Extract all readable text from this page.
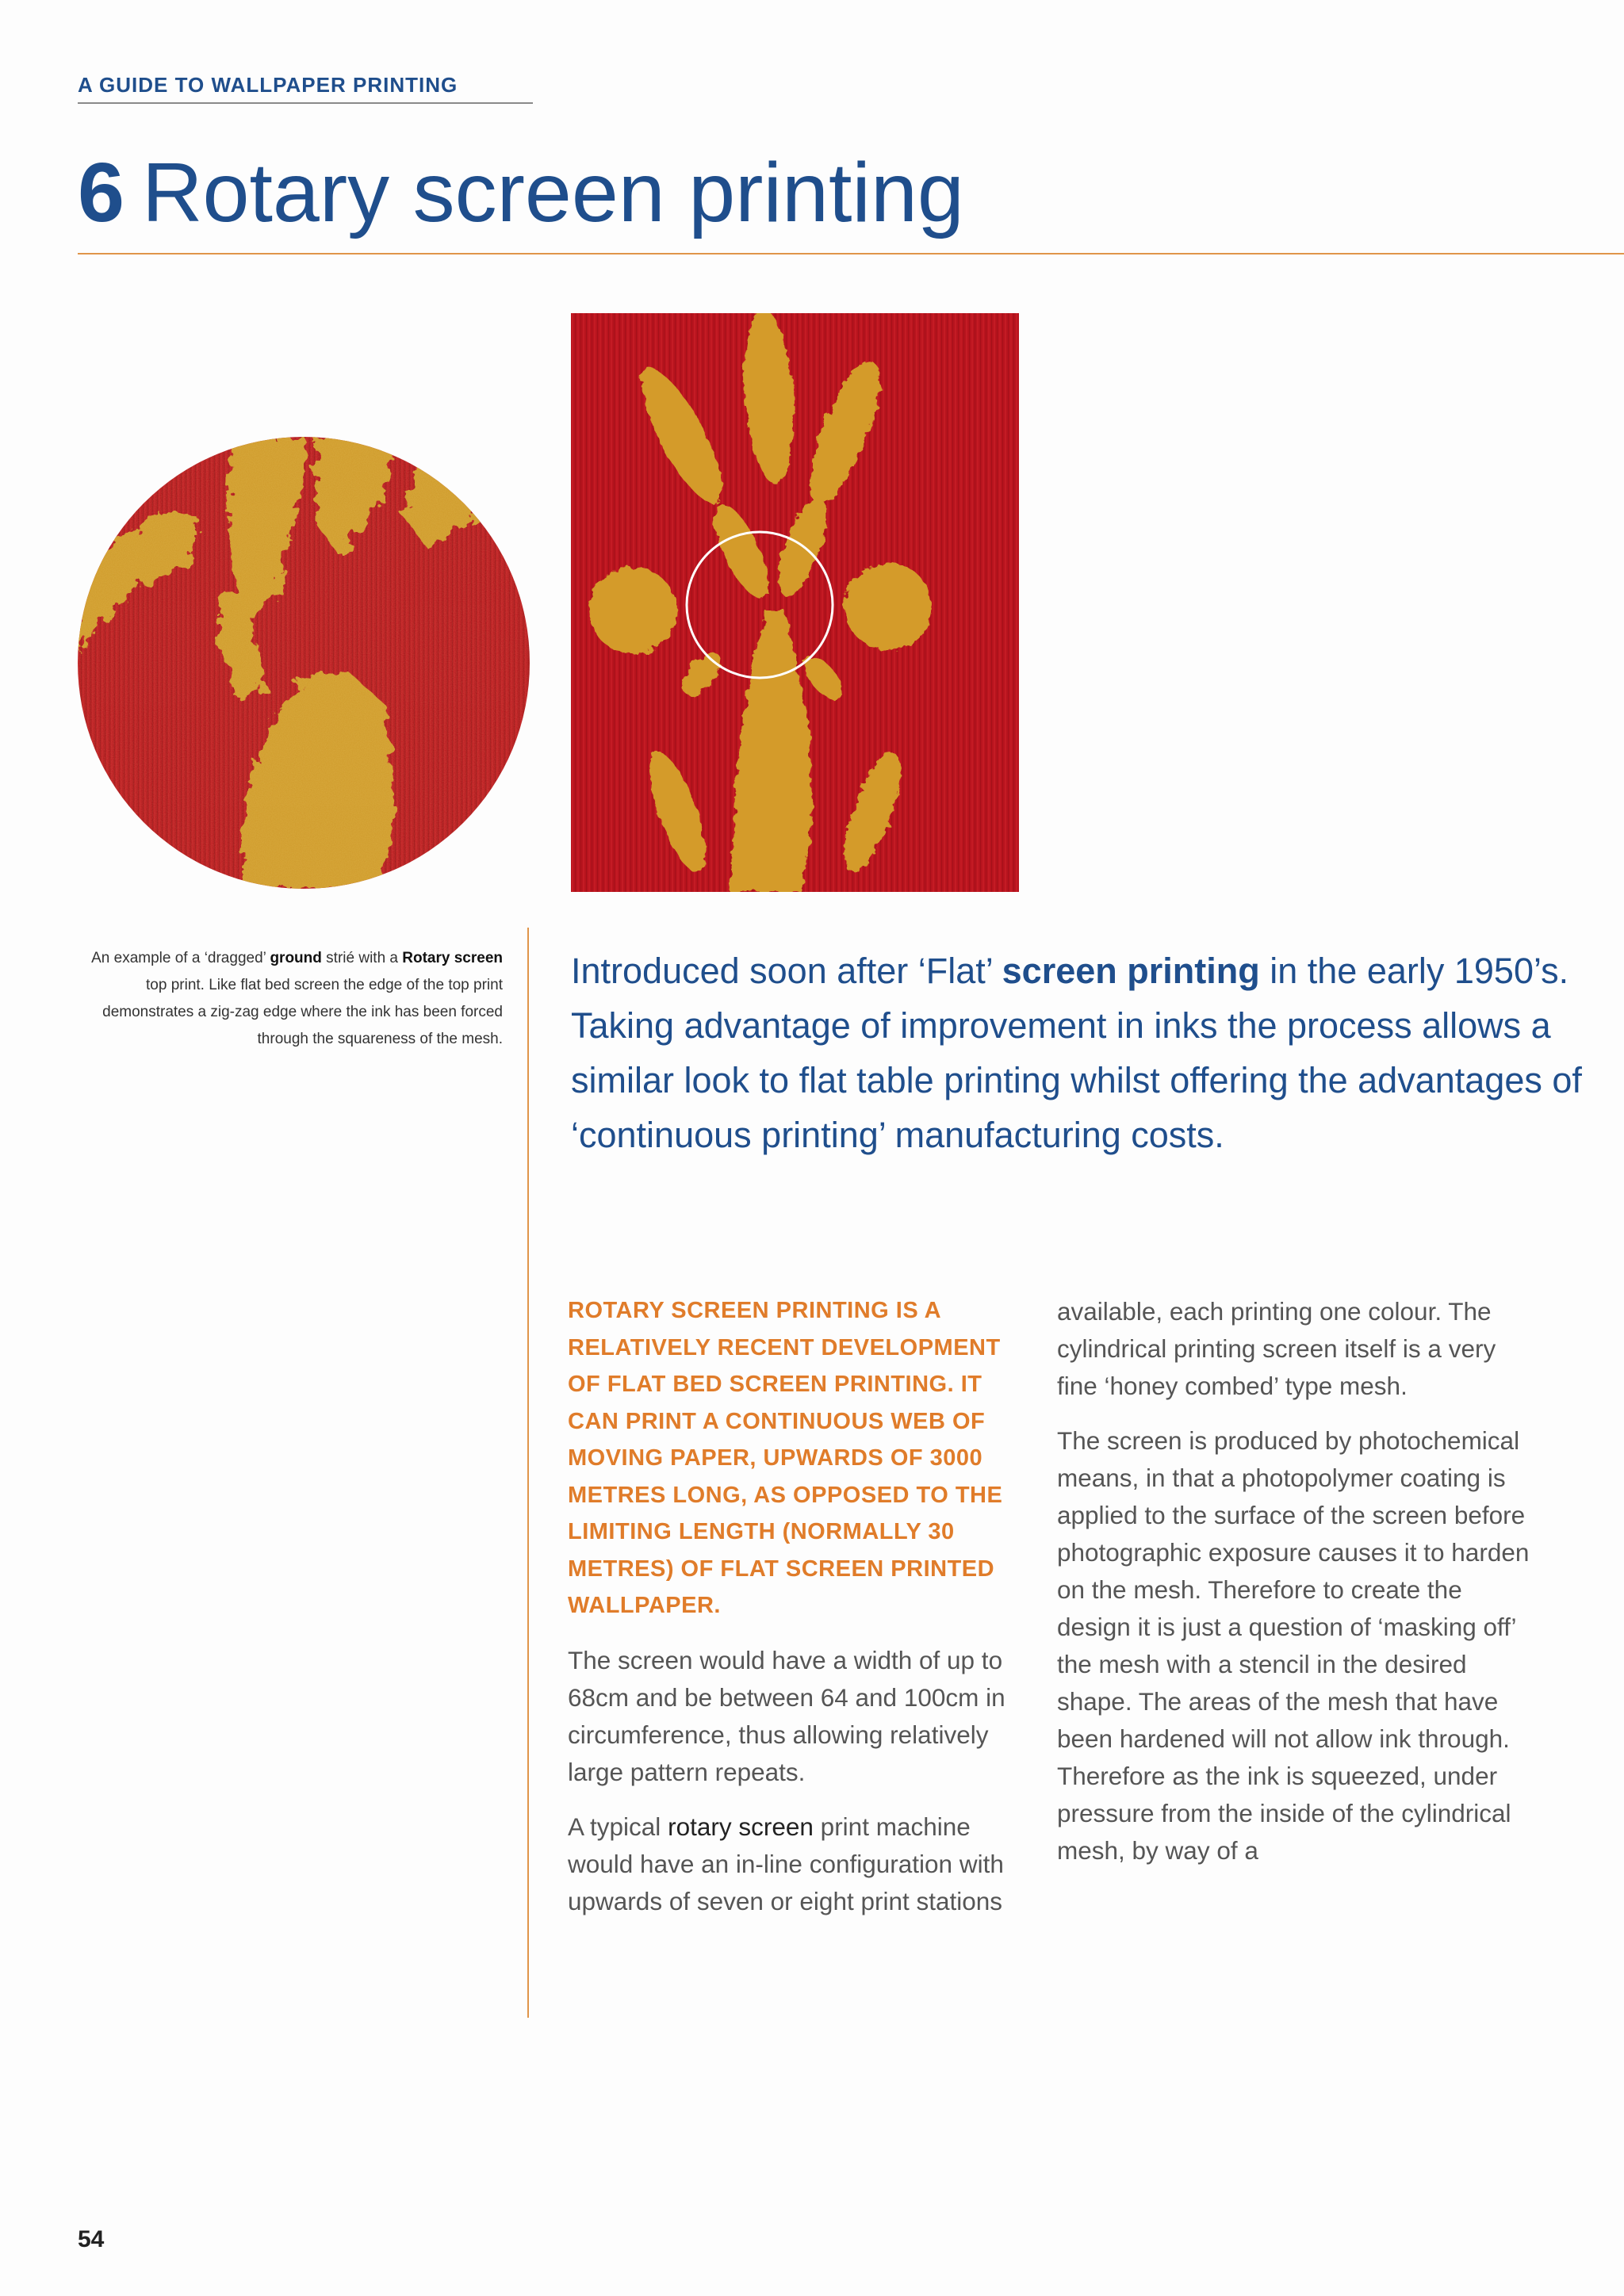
A GUIDE TO WALLPAPER PRINTING
6 Rotary screen printing
An example of a ‘dragged’ ground strié with a Rotary screen top print. Like flat bed screen the edge of the top print demonstrates a zig-zag edge where the ink has been forced through the squareness of the mesh.
Introduced soon after ‘Flat’ screen printing in the early 1950’s. Taking advantage of improvement in inks the process allows a similar look to flat table printing whilst offering the advantages of ‘continuous printing’ manufacturing costs.

ROTARY SCREEN PRINTING IS A RELATIVELY RECENT DEVELOPMENT OF FLAT BED SCREEN PRINTING. IT CAN PRINT A CONTINUOUS WEB OF MOVING PAPER, UPWARDS OF 3000 METRES LONG, AS OPPOSED TO THE LIMITING LENGTH (NORMALLY 30 METRES) OF FLAT SCREEN PRINTED WALLPAPER.

The screen would have a width of up to 68cm and be between 64 and 100cm in circumference, thus allowing relatively large pattern repeats.

A typical rotary screen print machine would have an in-line configuration with upwards of seven or eight print stations

available, each printing one colour. The cylindrical printing screen itself is a very fine ‘honey combed’ type mesh.

The screen is produced by photochemical means, in that a photopolymer coating is applied to the surface of the screen before photographic exposure causes it to harden on the mesh. Therefore to create the design it is just a question of ‘masking off’ the mesh with a stencil in the desired shape. The areas of the mesh that have been hardened will not allow ink through. Therefore as the ink is squeezed, under pressure from the inside of the cylindrical mesh, by way of a

54
